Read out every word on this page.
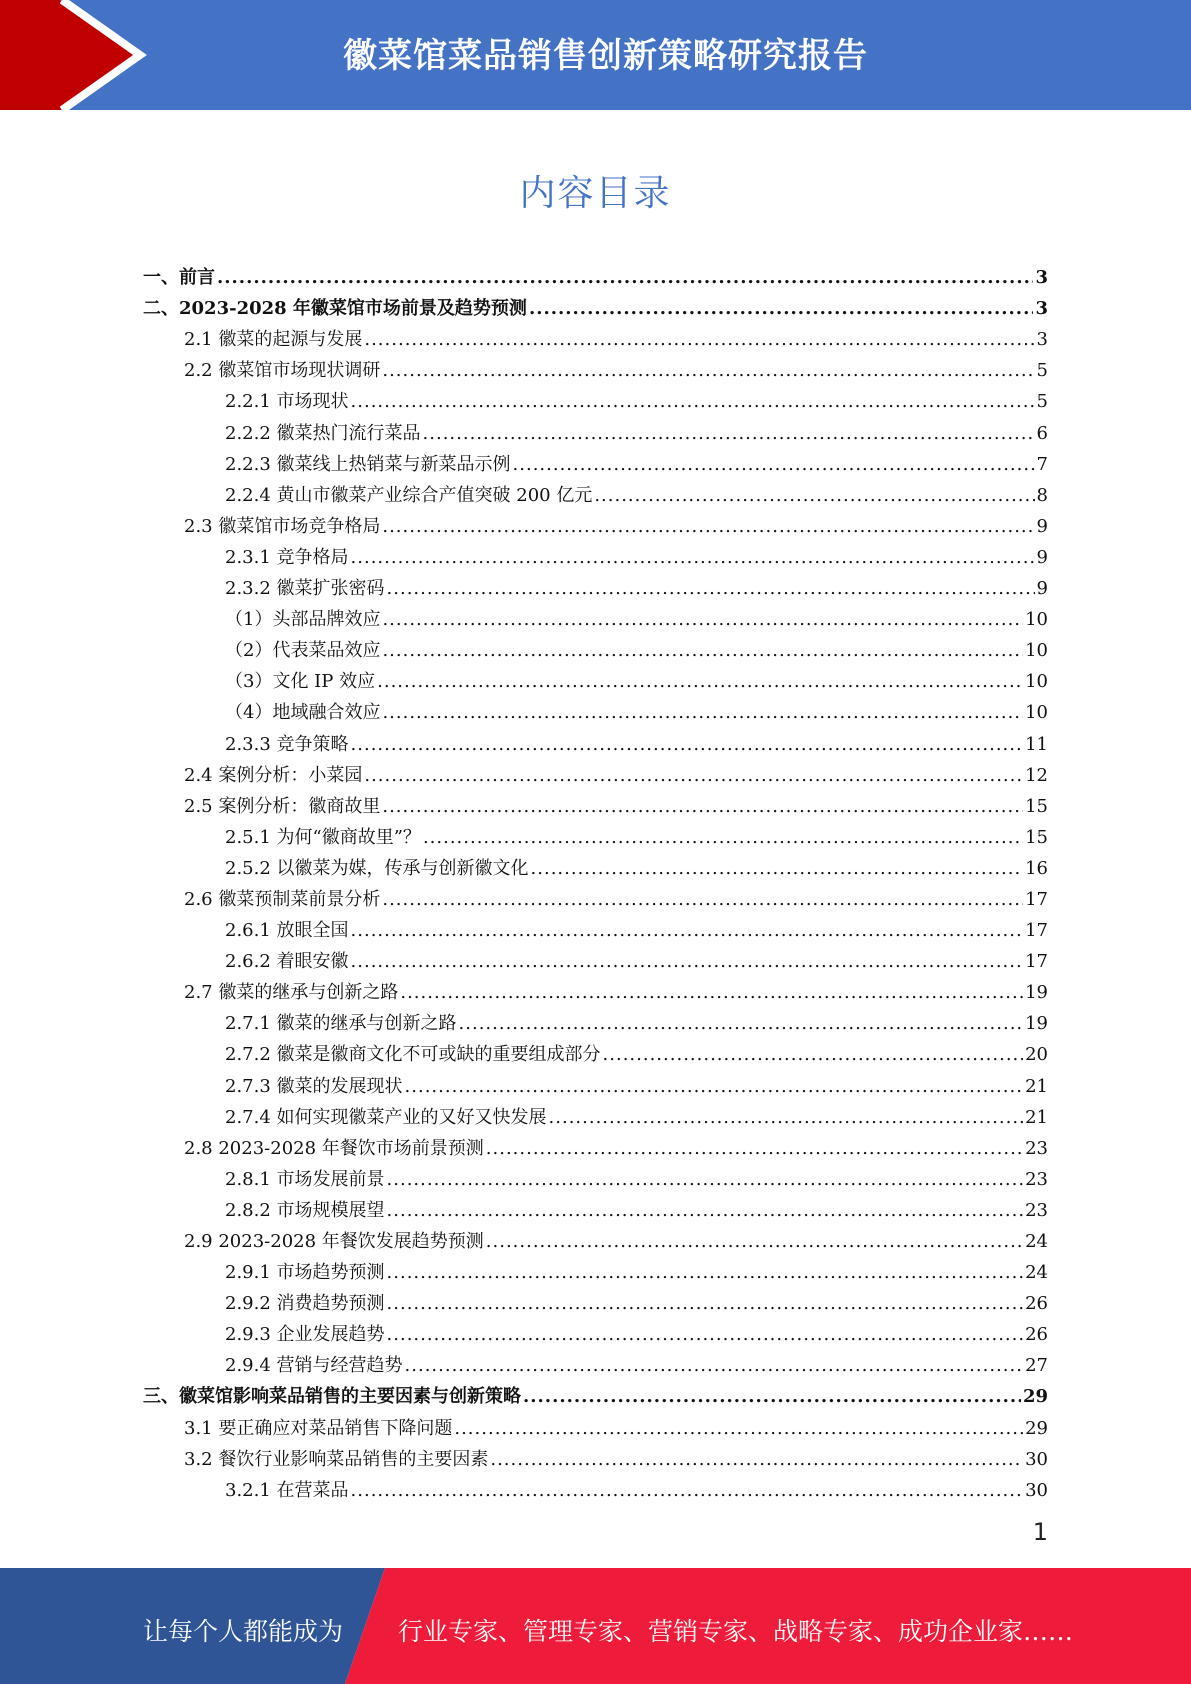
徽菜馆菜品销售创新策略研究报告
内容目录
一、前言 .....	3
二、2023-2028 年徽菜馆市场前景及趋势预测 .....	3
2.1 徽菜的起源与发展 .....	3
2.2 徽菜馆市场现状调研 .....	5
2.2.1 市场现状 .....	5
2.2.2 徽菜热门流行菜品 .....	6
2.2.3 徽菜线上热销菜与新菜品示例 .....	7
2.2.4 黄山市徽菜产业综合产值突破 200 亿元 .....	8
2.3 徽菜馆市场竞争格局 .....	9
2.3.1 竞争格局 .....	9
2.3.2 徽菜扩张密码 .....	9
（1）头部品牌效应 .....	10
（2）代表菜品效应 .....	10
（3）文化 IP 效应 .....	10
（4）地域融合效应 .....	10
2.3.3 竞争策略 .....	11
2.4 案例分析：小菜园 .....	12
2.5 案例分析：徽商故里 .....	15
2.5.1 为何“徽商故里”？ .....	15
2.5.2 以徽菜为媒，传承与创新徽文化 .....	16
2.6 徽菜预制菜前景分析 .....	17
2.6.1 放眼全国 .....	17
2.6.2 着眼安徽 .....	17
2.7 徽菜的继承与创新之路 .....	19
2.7.1 徽菜的继承与创新之路 .....	19
2.7.2 徽菜是徽商文化不可或缺的重要组成部分 .....	20
2.7.3 徽菜的发展现状 .....	21
2.7.4 如何实现徽菜产业的又好又快发展 .....	21
2.8 2023-2028 年餐饮市场前景预测 .....	23
2.8.1 市场发展前景 .....	23
2.8.2 市场规模展望 .....	23
2.9 2023-2028 年餐饮发展趋势预测 .....	24
2.9.1 市场趋势预测 .....	24
2.9.2 消费趋势预测 .....	26
2.9.3 企业发展趋势 .....	26
2.9.4 营销与经营趋势 .....	27
三、徽菜馆影响菜品销售的主要因素与创新策略 .....	29
3.1 要正确应对菜品销售下降问题 .....	29
3.2 餐饮行业影响菜品销售的主要因素 .....	30
3.2.1 在营菜品 .....	30
1
让每个人都能成为 行业专家、管理专家、营销专家、战略专家、成功企业家……
